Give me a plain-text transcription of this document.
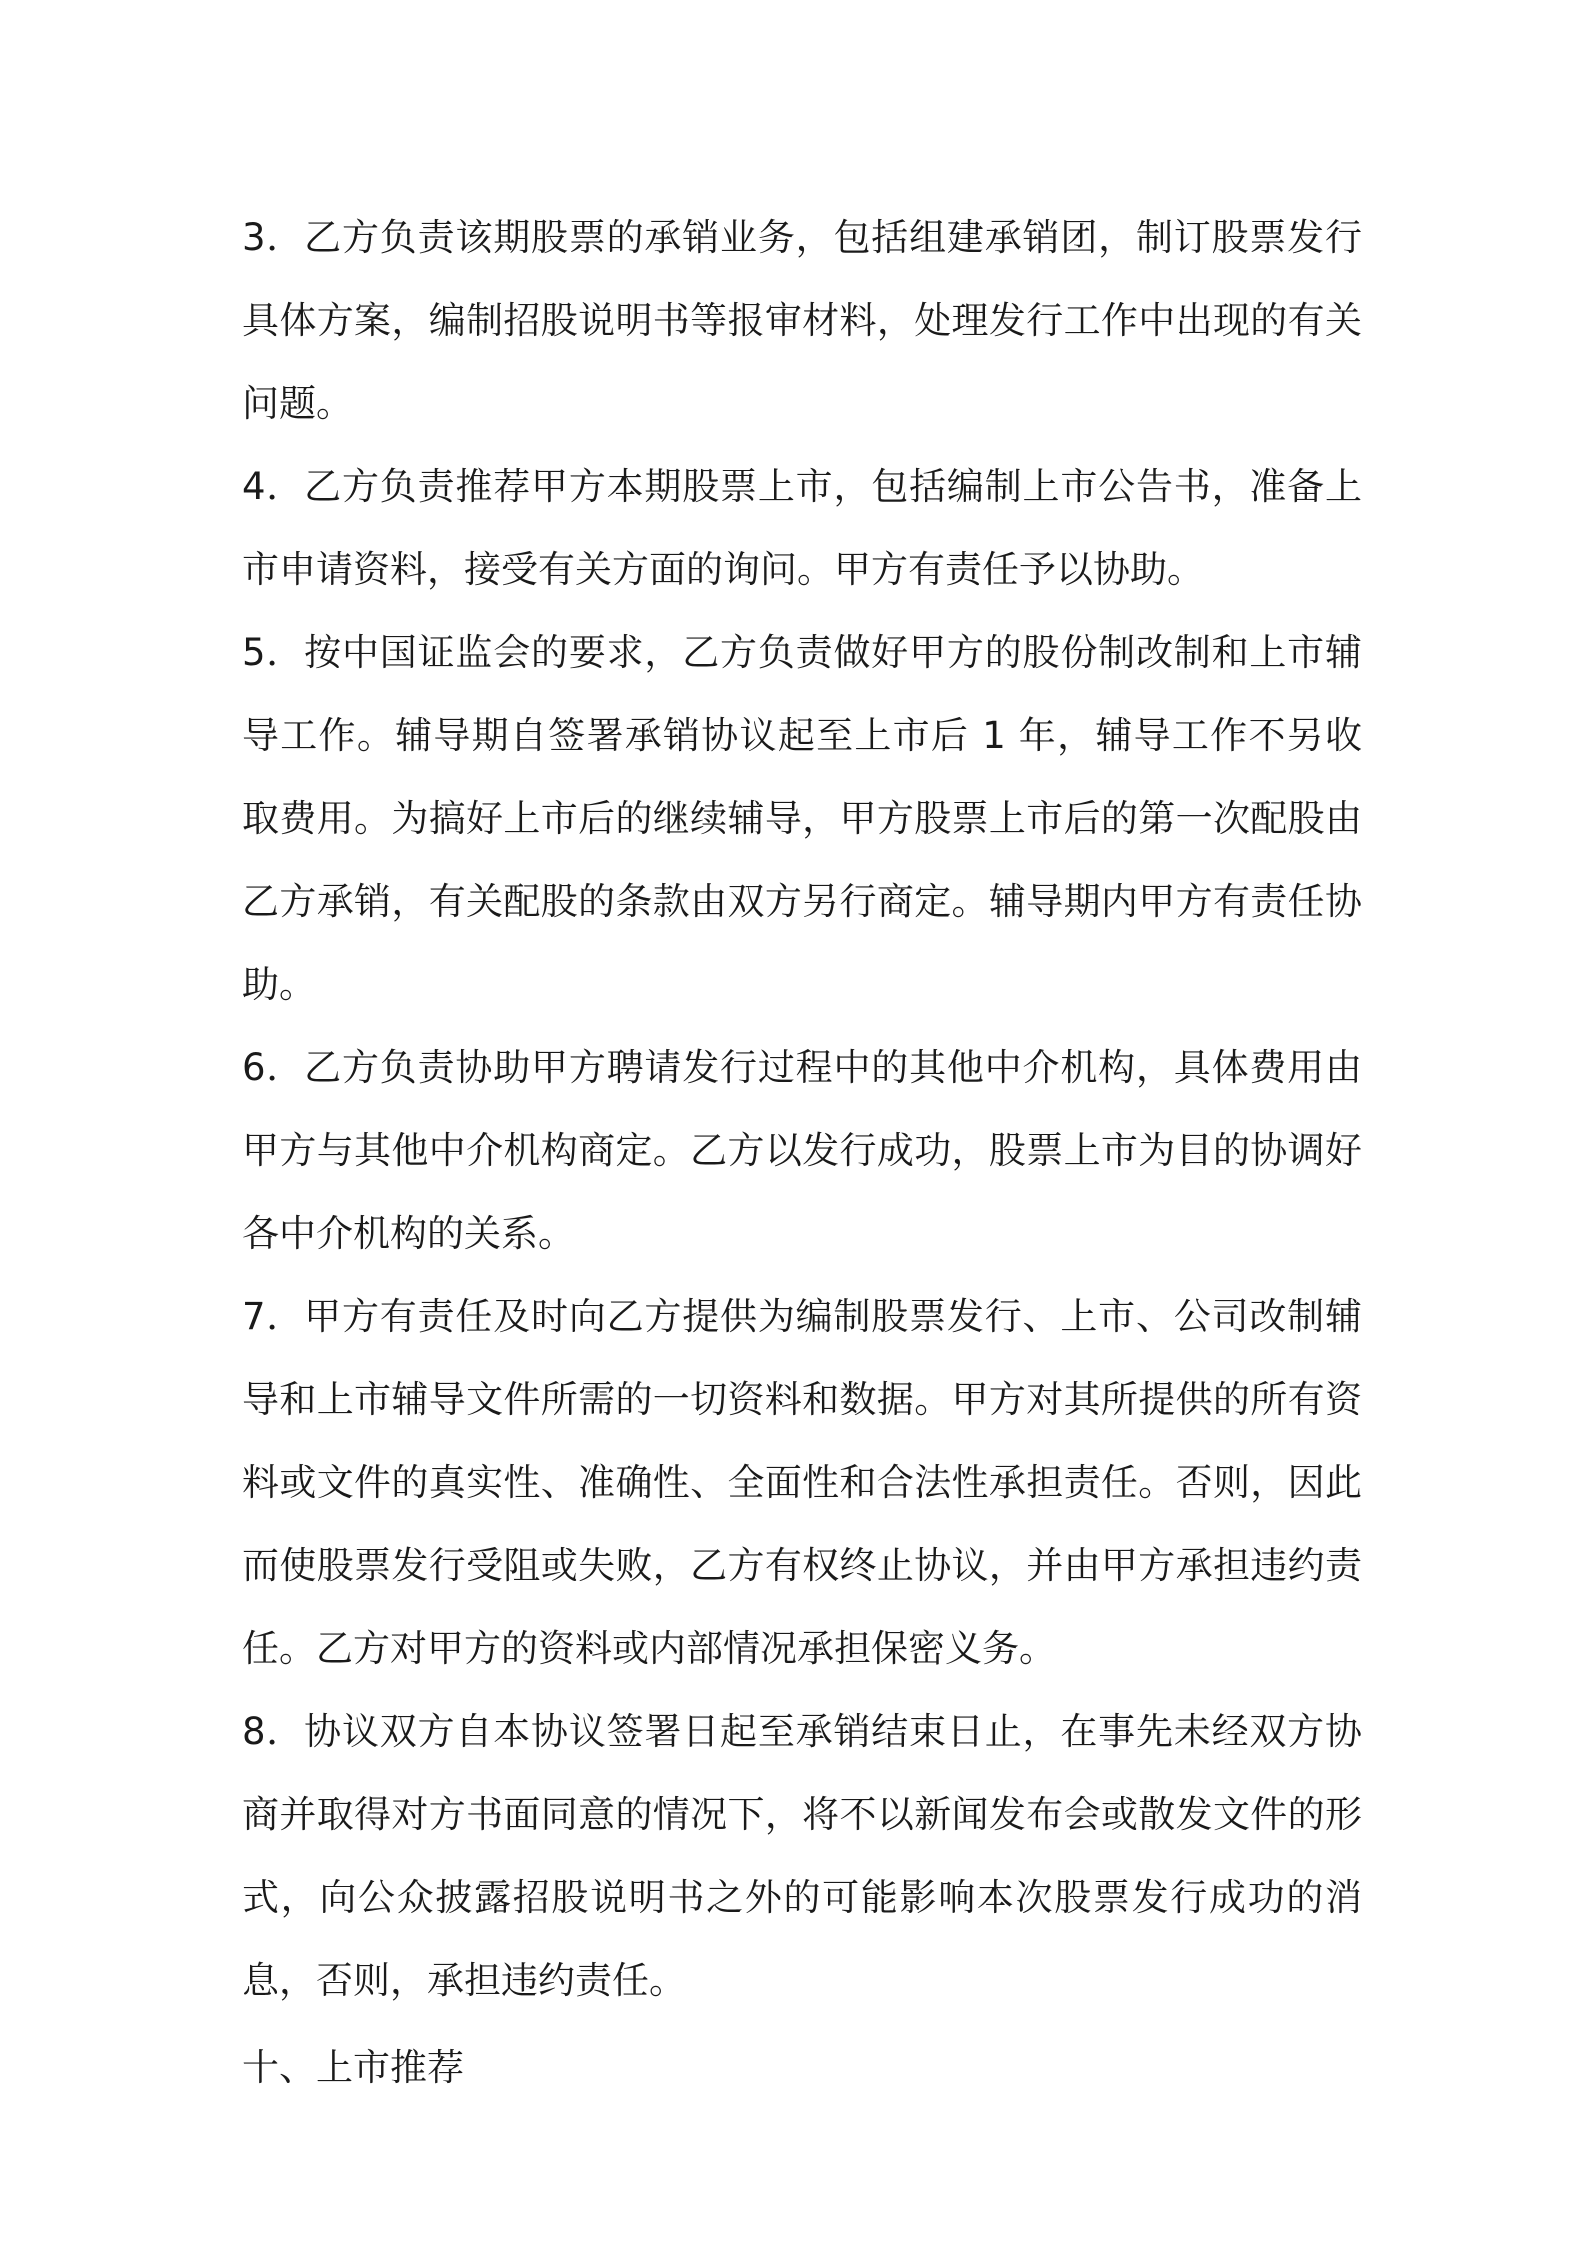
3．乙方负责该期股票的承销业务，包括组建承销团，制订股票发行具体方案，编制招股说明书等报审材料，处理发行工作中出现的有关问题。

4．乙方负责推荐甲方本期股票上市，包括编制上市公告书，准备上市申请资料，接受有关方面的询问。甲方有责任予以协助。

5．按中国证监会的要求，乙方负责做好甲方的股份制改制和上市辅导工作。辅导期自签署承销协议起至上市后 1 年，辅导工作不另收取费用。为搞好上市后的继续辅导，甲方股票上市后的第一次配股由乙方承销，有关配股的条款由双方另行商定。辅导期内甲方有责任协助。

6．乙方负责协助甲方聘请发行过程中的其他中介机构，具体费用由甲方与其他中介机构商定。乙方以发行成功，股票上市为目的协调好各中介机构的关系。

7．甲方有责任及时向乙方提供为编制股票发行、上市、公司改制辅导和上市辅导文件所需的一切资料和数据。甲方对其所提供的所有资料或文件的真实性、准确性、全面性和合法性承担责任。否则，因此而使股票发行受阻或失败，乙方有权终止协议，并由甲方承担违约责任。乙方对甲方的资料或内部情况承担保密义务。

8．协议双方自本协议签署日起至承销结束日止，在事先未经双方协商并取得对方书面同意的情况下，将不以新闻发布会或散发文件的形式，向公众披露招股说明书之外的可能影响本次股票发行成功的消息，否则，承担违约责任。

十、上市推荐
